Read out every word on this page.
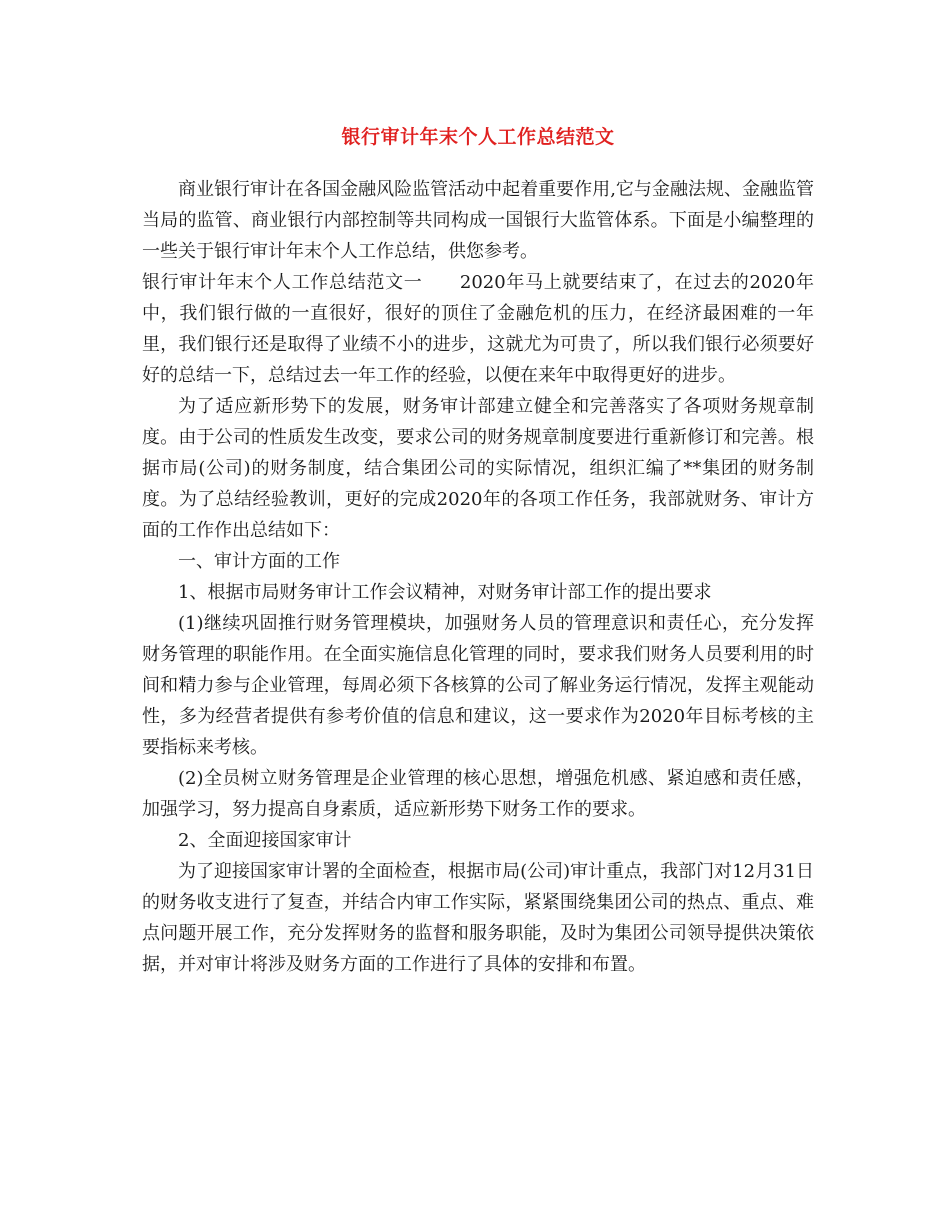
银行审计年末个人工作总结范文

商业银行审计在各国金融风险监管活动中起着重要作用,它与金融法规、金融监管当局的监管、商业银行内部控制等共同构成一国银行大监管体系。下面是小编整理的一些关于银行审计年末个人工作总结，供您参考。

银行审计年末个人工作总结范文一　　2020年马上就要结束了，在过去的2020年中，我们银行做的一直很好，很好的顶住了金融危机的压力，在经济最困难的一年里，我们银行还是取得了业绩不小的进步，这就尤为可贵了，所以我们银行必须要好好的总结一下，总结过去一年工作的经验，以便在来年中取得更好的进步。

为了适应新形势下的发展，财务审计部建立健全和完善落实了各项财务规章制度。由于公司的性质发生改变，要求公司的财务规章制度要进行重新修订和完善。根据市局(公司)的财务制度，结合集团公司的实际情况，组织汇编了**集团的财务制度。为了总结经验教训，更好的完成2020年的各项工作任务，我部就财务、审计方面的工作作出总结如下：

一、审计方面的工作

1、根据市局财务审计工作会议精神，对财务审计部工作的提出要求

(1)继续巩固推行财务管理模块，加强财务人员的管理意识和责任心，充分发挥财务管理的职能作用。在全面实施信息化管理的同时，要求我们财务人员要利用的时间和精力参与企业管理，每周必须下各核算的公司了解业务运行情况，发挥主观能动性，多为经营者提供有参考价值的信息和建议，这一要求作为2020年目标考核的主要指标来考核。

(2)全员树立财务管理是企业管理的核心思想，增强危机感、紧迫感和责任感，加强学习，努力提高自身素质，适应新形势下财务工作的要求。

2、全面迎接国家审计

为了迎接国家审计署的全面检查，根据市局(公司)审计重点，我部门对12月31日的财务收支进行了复查，并结合内审工作实际，紧紧围绕集团公司的热点、重点、难点问题开展工作，充分发挥财务的监督和服务职能，及时为集团公司领导提供决策依据，并对审计将涉及财务方面的工作进行了具体的安排和布置。
